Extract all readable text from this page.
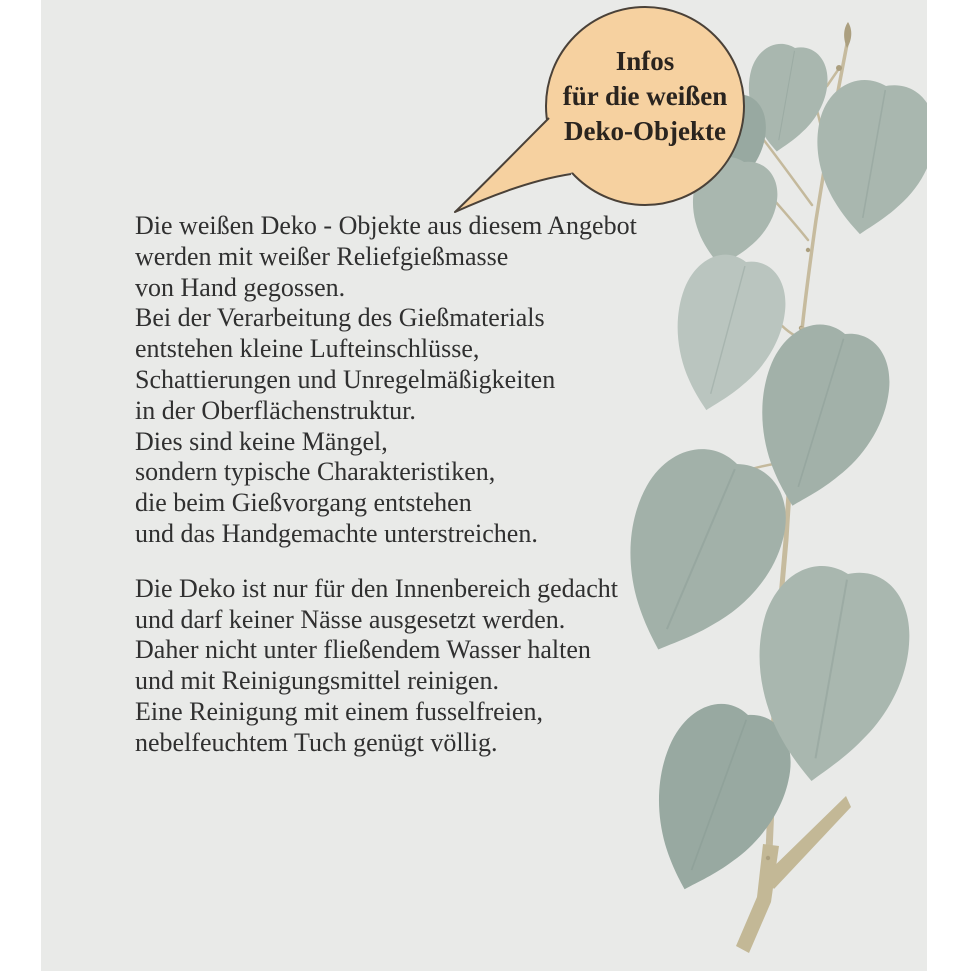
Infos
für die weißen
Deko-Objekte
Die weißen Deko - Objekte aus diesem Angebot
werden mit weißer Reliefgießmasse
von Hand gegossen.
Bei der Verarbeitung des Gießmaterials
entstehen kleine Lufteinschlüsse,
Schattierungen und Unregelmäßigkeiten
in der Oberflächenstruktur.
Dies sind keine Mängel,
sondern typische Charakteristiken,
die beim Gießvorgang entstehen
und das Handgemachte unterstreichen.
Die Deko ist nur für den Innenbereich gedacht
und darf keiner Nässe ausgesetzt werden.
Daher nicht unter fließendem Wasser halten
und mit Reinigungsmittel reinigen.
Eine Reinigung mit einem fusselfreien,
nebelfeuchtem Tuch genügt völlig.
